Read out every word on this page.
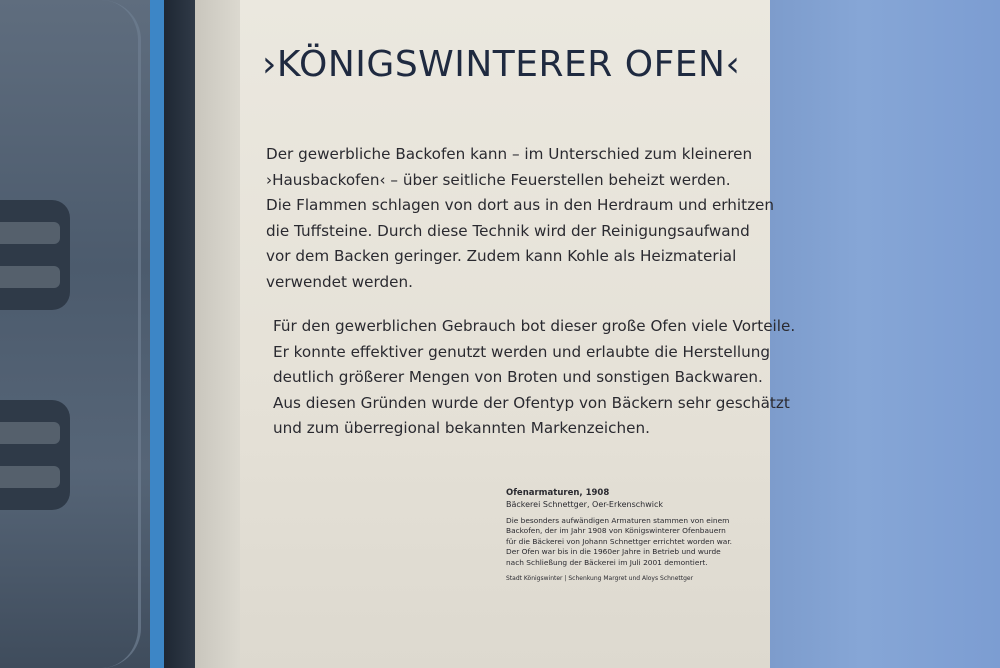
›KÖNIGSWINTERER OFEN‹
Der gewerbliche Backofen kann – im Unterschied zum kleineren
›Hausbackofen‹ – über seitliche Feuerstellen beheizt werden.
Die Flammen schlagen von dort aus in den Herdraum und erhitzen
die Tuffsteine. Durch diese Technik wird der Reinigungsaufwand
vor dem Backen geringer. Zudem kann Kohle als Heizmaterial
verwendet werden.
Für den gewerblichen Gebrauch bot dieser große Ofen viele Vorteile.
Er konnte effektiver genutzt werden und erlaubte die Herstellung
deutlich größerer Mengen von Broten und sonstigen Backwaren.
Aus diesen Gründen wurde der Ofentyp von Bäckern sehr geschätzt
und zum überregional bekannten Markenzeichen.
Ofenarmaturen, 1908
Bäckerei Schnettger, Oer-Erkenschwick
Die besonders aufwändigen Armaturen stammen von einem
Backofen, der im Jahr 1908 von Königswinterer Ofenbauern
für die Bäckerei von Johann Schnettger errichtet worden war.
Der Ofen war bis in die 1960er Jahre in Betrieb und wurde
nach Schließung der Bäckerei im Juli 2001 demontiert.
Stadt Königswinter | Schenkung Margret und Aloys Schnettger
